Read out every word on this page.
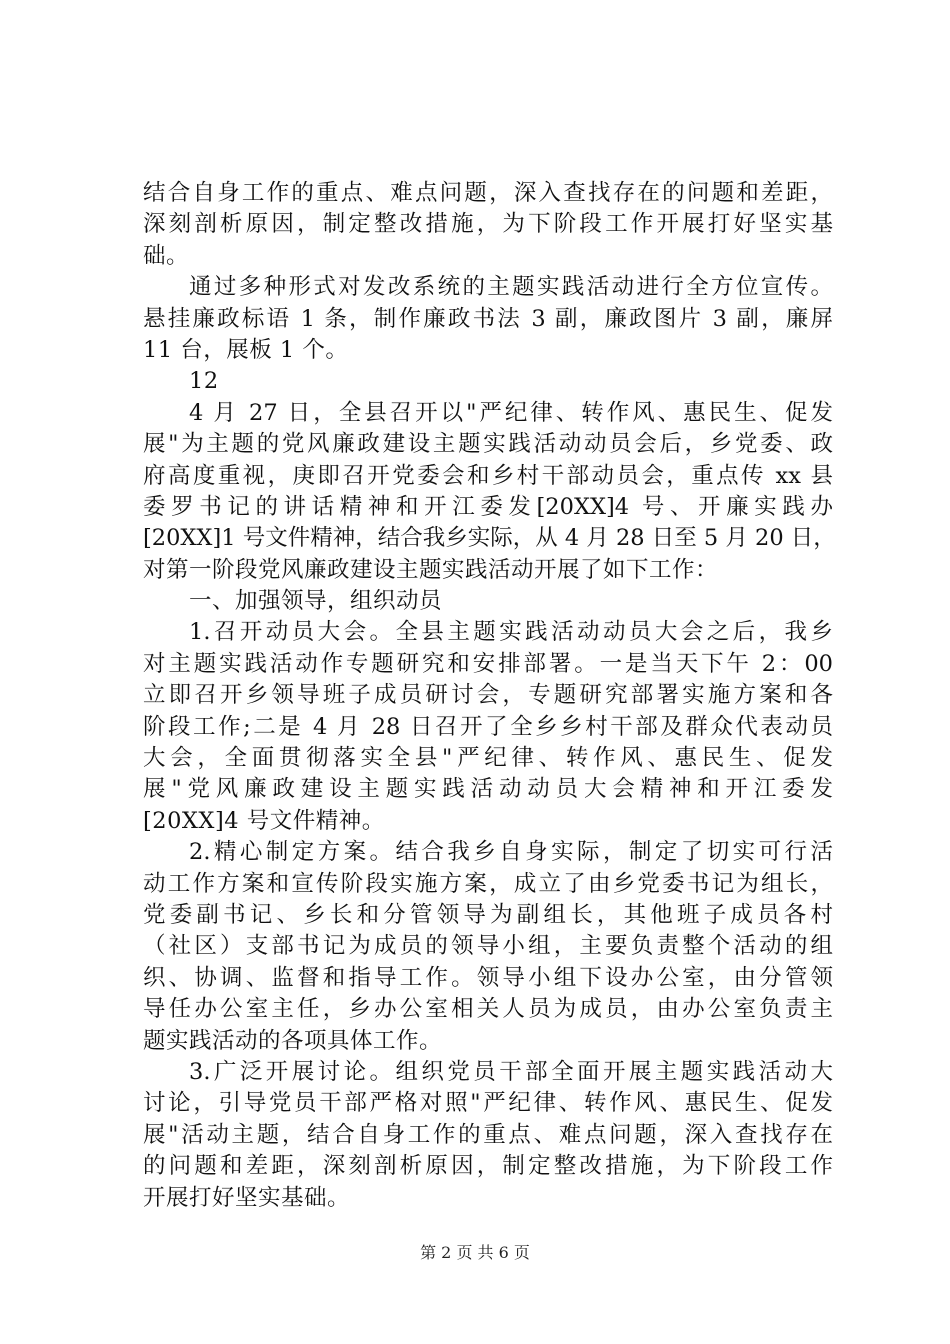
结合自身工作的重点、难点问题，深入查找存在的问题和差距，
深刻剖析原因，制定整改措施，为下阶段工作开展打好坚实基
础。
通过多种形式对发改系统的主题实践活动进行全方位宣传。
悬挂廉政标语 1 条，制作廉政书法 3 副，廉政图片 3 副，廉屏
11 台，展板 1 个。
12
4 月 27 日，全县召开以"严纪律、转作风、惠民生、促发
展"为主题的党风廉政建设主题实践活动动员会后，乡党委、政
府高度重视，庚即召开党委会和乡村干部动员会，重点传 xx 县
委罗书记的讲话精神和开江委发[20XX]4 号、开廉实践办
[20XX]1 号文件精神，结合我乡实际，从 4 月 28 日至 5 月 20 日，
对第一阶段党风廉政建设主题实践活动开展了如下工作：
一、加强领导，组织动员
1.召开动员大会。全县主题实践活动动员大会之后，我乡
对主题实践活动作专题研究和安排部署。一是当天下午 2：00
立即召开乡领导班子成员研讨会，专题研究部署实施方案和各
阶段工作;二是 4 月 28 日召开了全乡乡村干部及群众代表动员
大会，全面贯彻落实全县"严纪律、转作风、惠民生、促发
展"党风廉政建设主题实践活动动员大会精神和开江委发
[20XX]4 号文件精神。
2.精心制定方案。结合我乡自身实际，制定了切实可行活
动工作方案和宣传阶段实施方案，成立了由乡党委书记为组长，
党委副书记、乡长和分管领导为副组长，其他班子成员各村
（社区）支部书记为成员的领导小组，主要负责整个活动的组
织、协调、监督和指导工作。领导小组下设办公室，由分管领
导任办公室主任，乡办公室相关人员为成员，由办公室负责主
题实践活动的各项具体工作。
3.广泛开展讨论。组织党员干部全面开展主题实践活动大
讨论，引导党员干部严格对照"严纪律、转作风、惠民生、促发
展"活动主题，结合自身工作的重点、难点问题，深入查找存在
的问题和差距，深刻剖析原因，制定整改措施，为下阶段工作
开展打好坚实基础。
第 2 页 共 6 页
